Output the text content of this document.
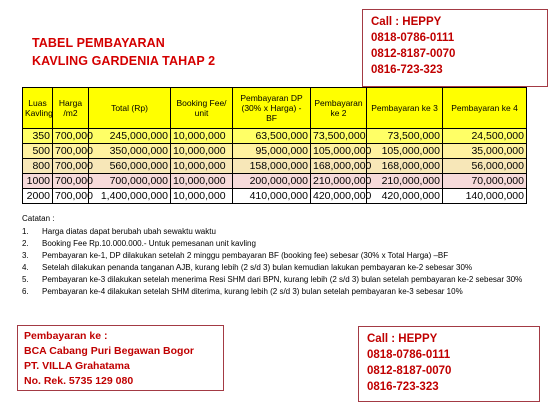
TABEL PEMBAYARAN
KAVLING GARDENIA TAHAP 2
Call : HEPPY
0818-0786-0111
0812-8187-0070
0816-723-323
Luas Kavling	Harga /m2	Total (Rp)	Booking Fee/ unit	Pembayaran DP (30% x Harga) - BF	Pembayaran ke 2	Pembayaran ke 3	Pembayaran ke 4
350	700,000	245,000,000	10,000,000	63,500,000	73,500,000	73,500,000	24,500,000
500	700,000	350,000,000	10,000,000	95,000,000	105,000,000	105,000,000	35,000,000
800	700,000	560,000,000	10,000,000	158,000,000	168,000,000	168,000,000	56,000,000
1000	700,000	700,000,000	10,000,000	200,000,000	210,000,000	210,000,000	70,000,000
2000	700,000	1,400,000,000	10,000,000	410,000,000	420,000,000	420,000,000	140,000,000
Catatan :
1. Harga diatas dapat berubah ubah sewaktu waktu
2. Booking Fee Rp.10.000.000.- Untuk pemesanan unit kavling
3. Pembayaran ke-1, DP dilakukan setelah 2 minggu pembayaran BF (booking fee) sebesar (30% x Total Harga) –BF
4. Setelah dilakukan penanda tanganan AJB, kurang lebih (2 s/d 3) bulan kemudian lakukan pembayaran ke-2 sebesar 30%
5. Pembayaran ke-3 dilakukan setelah menerima Resi SHM dari BPN, kurang lebih (2 s/d 3) bulan setelah pembayaran ke-2 sebesar 30%
6. Pembayaran ke-4 dilakukan setelah SHM diterima, kurang lebih (2 s/d 3) bulan setelah pembayaran ke-3 sebesar 10%
Pembayaran ke :
BCA Cabang Puri Begawan Bogor
PT. VILLA Grahatama
No. Rek. 5735 129 080
Call : HEPPY
0818-0786-0111
0812-8187-0070
0816-723-323
